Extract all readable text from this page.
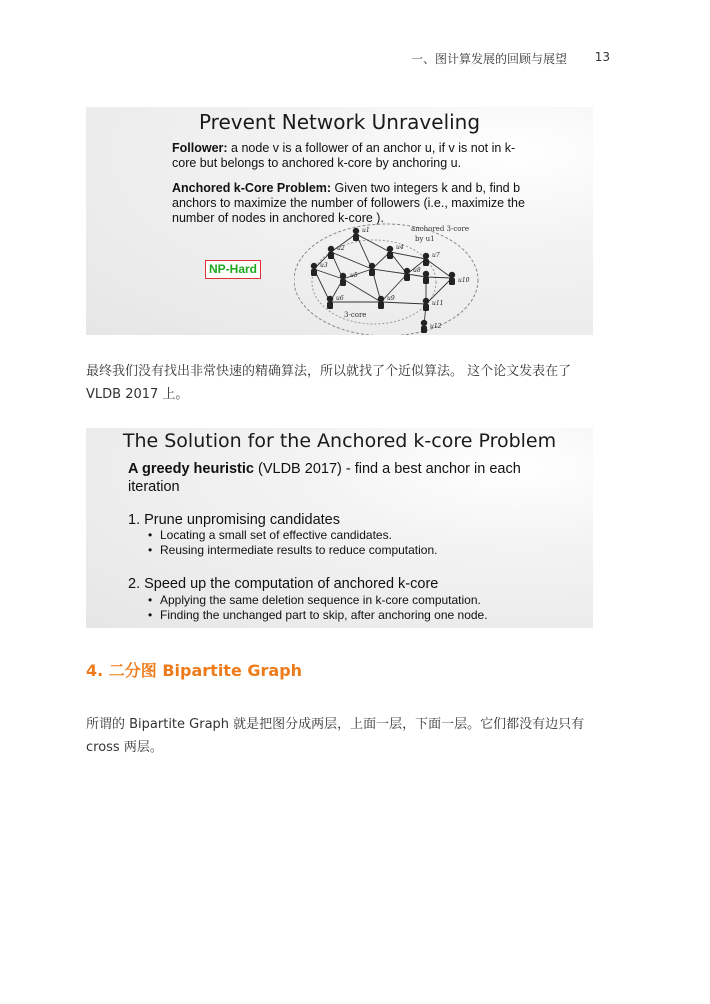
一、图计算发展的回顾与展望 13
Prevent Network Unraveling
Follower: a node v is a follower of an anchor u, if v is not in k-core but belongs to anchored k-core by anchoring u.
Anchored k-Core Problem: Given two integers k and b, find b anchors to maximize the number of followers (i.e., maximize the number of nodes in anchored k-core ).
NP-Hard
anchored 3-core
by u1
3-core
u1
u2
u3
u4
u5
u6
u7
u8
u9
u10
u11
u12
最终我们没有找出非常快速的精确算法，所以就找了个近似算法。 这个论文发表在了 VLDB 2017 上。
The Solution for the Anchored k-core Problem
A greedy heuristic (VLDB 2017) - find a best anchor in each iteration
1. Prune unpromising candidates
• Locating a small set of effective candidates.
• Reusing intermediate results to reduce computation.
2. Speed up the computation of anchored k-core
• Applying the same deletion sequence in k-core computation.
• Finding the unchanged part to skip, after anchoring one node.
4. 二分图 Bipartite Graph
所谓的 Bipartite Graph 就是把图分成两层，上面一层，下面一层。它们都没有边只有 cross 两层。
